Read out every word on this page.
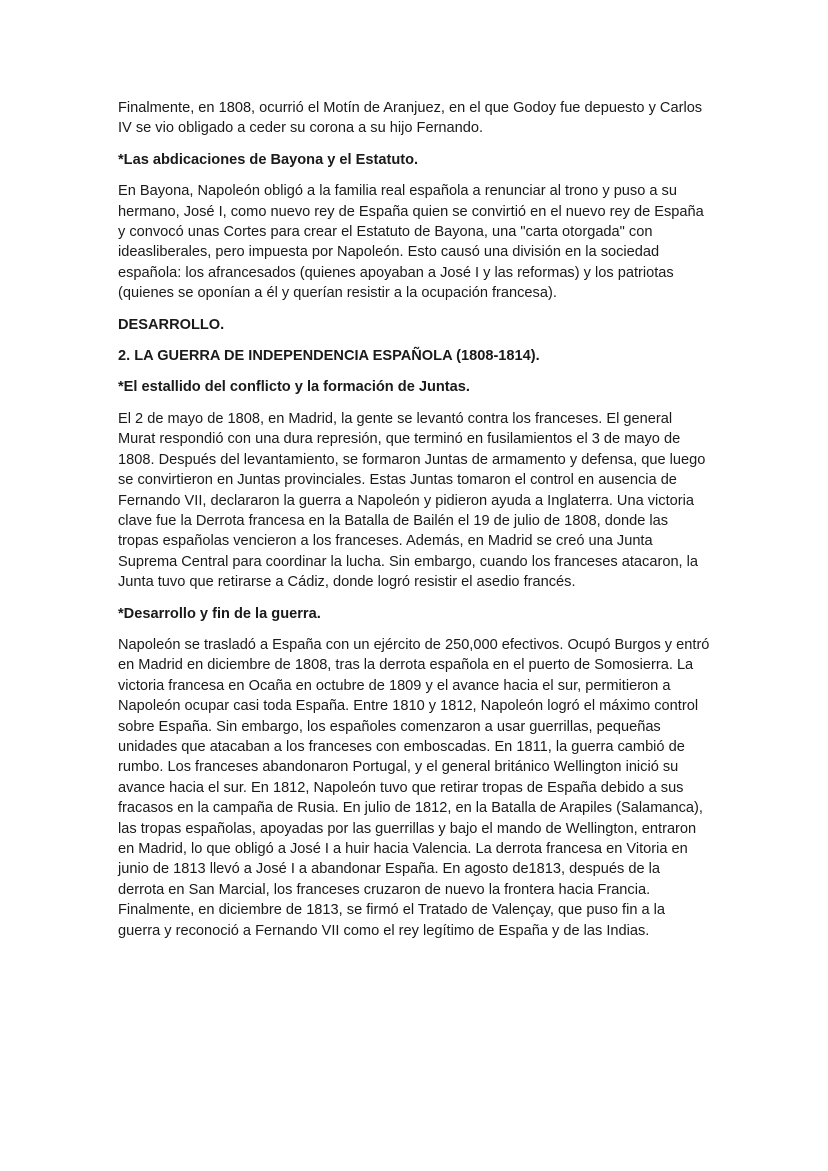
Finalmente, en 1808, ocurrió el Motín de Aranjuez, en el que Godoy fue depuesto y Carlos IV se vio obligado a ceder su corona a su hijo Fernando.

*Las abdicaciones de Bayona y el Estatuto.

En Bayona, Napoleón obligó a la familia real española a renunciar al trono y puso a su hermano, José I, como nuevo rey de España quien se convirtió en el nuevo rey de España y convocó unas Cortes para crear el Estatuto de Bayona, una "carta otorgada" con ideasliberales, pero impuesta por Napoleón. Esto causó una división en la sociedad española: los afrancesados (quienes apoyaban a José I y las reformas) y los patriotas (quienes se oponían a él y querían resistir a la ocupación francesa).

DESARROLLO.

2. LA GUERRA DE INDEPENDENCIA ESPAÑOLA (1808-1814).

*El estallido del conflicto y la formación de Juntas.

El 2 de mayo de 1808, en Madrid, la gente se levantó contra los franceses. El general Murat respondió con una dura represión, que terminó en fusilamientos el 3 de mayo de 1808. Después del levantamiento, se formaron Juntas de armamento y defensa, que luego se convirtieron en Juntas provinciales. Estas Juntas tomaron el control en ausencia de Fernando VII, declararon la guerra a Napoleón y pidieron ayuda a Inglaterra. Una victoria clave fue la Derrota francesa en la Batalla de Bailén el 19 de julio de 1808, donde las tropas españolas vencieron a los franceses. Además, en Madrid se creó una Junta Suprema Central para coordinar la lucha. Sin embargo, cuando los franceses atacaron, la Junta tuvo que retirarse a Cádiz, donde logró resistir el asedio francés.

*Desarrollo y fin de la guerra.

Napoleón se trasladó a España con un ejército de 250,000 efectivos. Ocupó Burgos y entró en Madrid en diciembre de 1808, tras la derrota española en el puerto de Somosierra. La victoria francesa en Ocaña en octubre de 1809 y el avance hacia el sur, permitieron a Napoleón ocupar casi toda España. Entre 1810 y 1812, Napoleón logró el máximo control sobre España. Sin embargo, los españoles comenzaron a usar guerrillas, pequeñas unidades que atacaban a los franceses con emboscadas. En 1811, la guerra cambió de rumbo. Los franceses abandonaron Portugal, y el general británico Wellington inició su avance hacia el sur. En 1812, Napoleón tuvo que retirar tropas de España debido a sus fracasos en la campaña de Rusia. En julio de 1812, en la Batalla de Arapiles (Salamanca), las tropas españolas, apoyadas por las guerrillas y bajo el mando de Wellington, entraron en Madrid, lo que obligó a José I a huir hacia Valencia. La derrota francesa en Vitoria en junio de 1813 llevó a José I a abandonar España. En agosto de1813, después de la derrota en San Marcial, los franceses cruzaron de nuevo la frontera hacia Francia. Finalmente, en diciembre de 1813, se firmó el Tratado de Valençay, que puso fin a la guerra y reconoció a Fernando VII como el rey legítimo de España y de las Indias.
